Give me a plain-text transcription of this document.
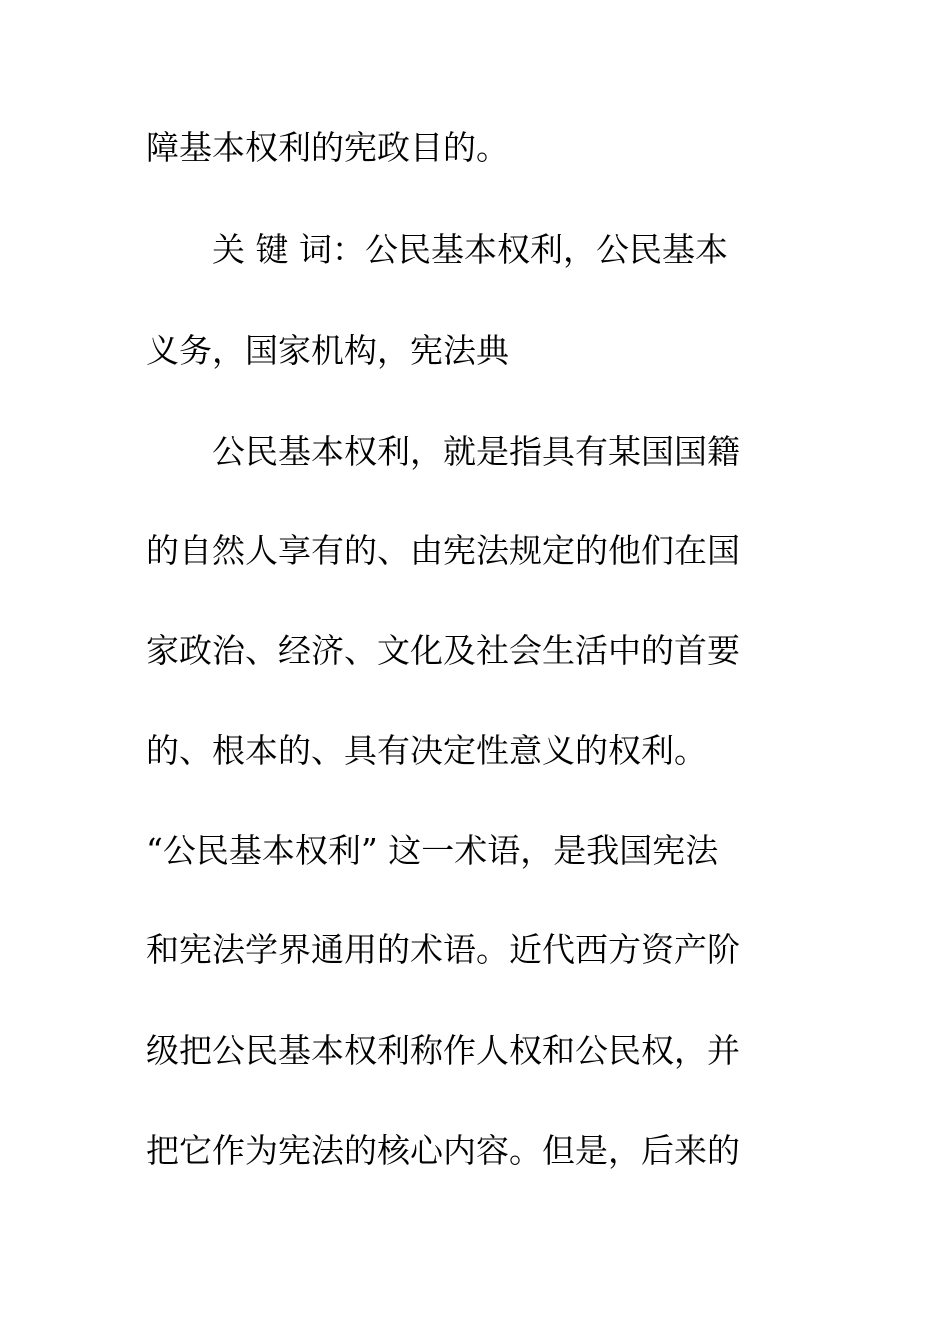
障基本权利的宪政目的。

关 键 词：公民基本权利，公民基本

义务，国家机构，宪法典

公民基本权利，就是指具有某国国籍

的自然人享有的、由宪法规定的他们在国

家政治、经济、文化及社会生活中的首要

的、根本的、具有决定性意义的权利。

“公民基本权利” 这一术语，是我国宪法

和宪法学界通用的术语。近代西方资产阶

级把公民基本权利称作人权和公民权，并

把它作为宪法的核心内容。但是，后来的
